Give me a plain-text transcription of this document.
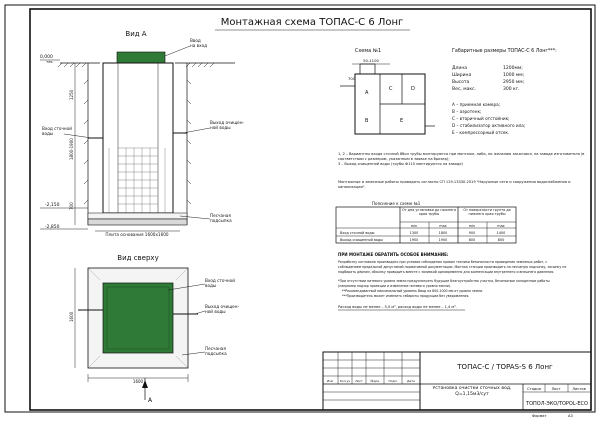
Монтажная схема ТОПАС-С 6 Лонг
Вид А
0,000
тек
-2,150
-2,850
1250
1800-1900
700
Ввод на вход
Вход сточной воды
Выход очищен-ной воды
Песчаная подсыпка
Плита основания 1600х1600
Вид сверху
1600
1600
А
Вход сточной воды
Выход очищен-ной воды
Песчаная подсыпка
Схема №1
50-1100
700
А
B
C	D
E
Габаритные размеры ТОПАС-С 6 Лонг***:
Длина	1200мм;
Ширина	1000 мм;
Высота	2950 мм;
Вес, макс.	300 кг.
А – приемная камера;
В – аэротенк;
С – вторичный отстойник;
D – стабилизатор активного ила;
Е – компрессорный отсек.
1, 2 – Вариантны входа сточной 8бол трубы монтируются при монтаже, либо, по желанию заказчика, на заводе изготовителя (в соответствии с размером, указанным в заявке на бризер);
3 – Выход очищенной воды (трубы Ф110 монтируются на заводе)
Монтажные и земляные работы проводить согласно СП 129.13330.2019 "Наружные сети и сооружения водоснабжения и канализации".
Пояснение к схеме №1
От дна установки до нижнего края трубы
От поверхности грунта до нижнего края трубы
min	max	min	max
Вход сточной воды	1300	1800	900	1400
Выход очищенной воды	1900	1900	800	800
ПРИ МОНТАЖЕ ОБРАТИТЬ ОСОБОЕ ВНИМАНИЕ:
Разработку котлована производить при условии соблюдения правил техники безопасности проведения земляных работ, с
соблюдением предельной допустимой нормативной документации. Монтаж станции производить на песчаную подсыпку, засыпку не
подбирать дёрном, обсыпку проводить вместе с заливкой одновременно для компенсации внутреннего и внешнего давления.
*При отсутствии нитевого уровня земли предусмотреть будущие благоустройства участка, безопасные колодезные работы
(например надзор проекции и изменение нитевого уровня земли).
**Рекомендованный максимальный уровень Ввод на 800-1000 мм от уровня земли.
***Производитель может изменить габариты продукции без уведомления.
Расход воды не менее – 5,0 м³, расход воды не менее – 1,4 м³.
Изм Кол.уч Лист	№док	Подп.	Дата
ТОПАС-С / TOPAS-S 6 Лонг
Установка очистки сточных вод, Q=1,15м3/сут
Стадия	Лист	Листов
ТОПОЛ-ЭКО/TOPOL-ECO
Формат	А3
